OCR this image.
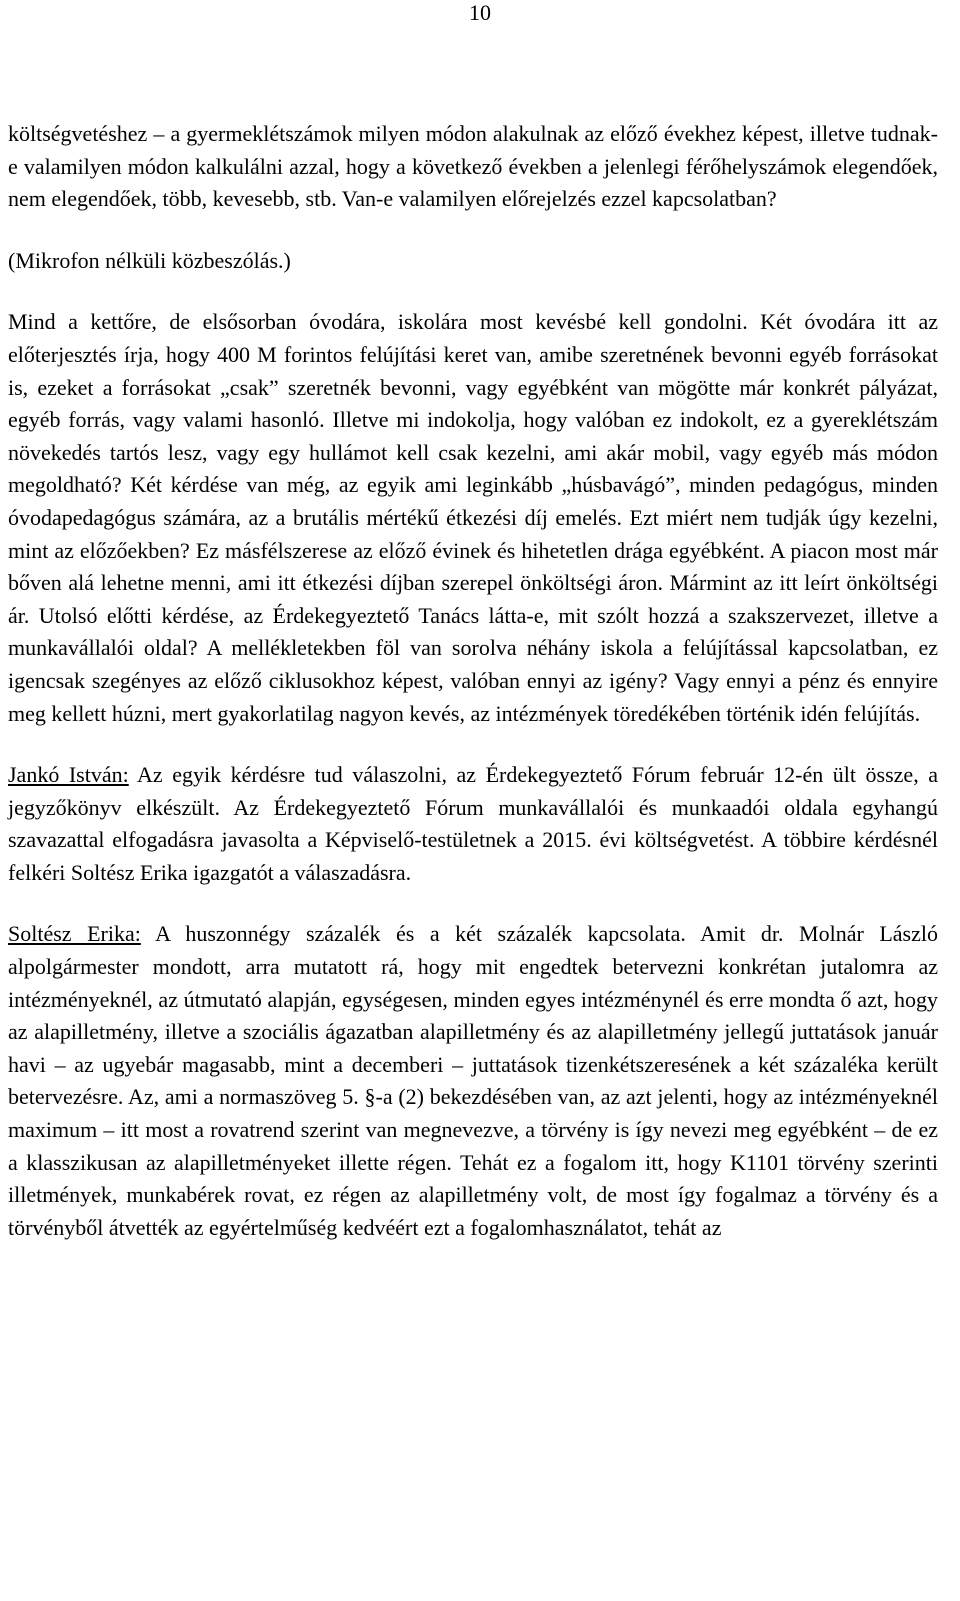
10

költségvetéshez – a gyermeklétszámok milyen módon alakulnak az előző évekhez képest, illetve tudnak-e valamilyen módon kalkulálni azzal, hogy a következő években a jelenlegi férőhelyszámok elegendőek, nem elegendőek, több, kevesebb, stb. Van-e valamilyen előrejelzés ezzel kapcsolatban?

(Mikrofon nélküli közbeszólás.)

Mind a kettőre, de elsősorban óvodára, iskolára most kevésbé kell gondolni. Két óvodára itt az előterjesztés írja, hogy 400 M forintos felújítási keret van, amibe szeretnének bevonni egyéb forrásokat is, ezeket a forrásokat „csak” szeretnék bevonni, vagy egyébként van mögötte már konkrét pályázat, egyéb forrás, vagy valami hasonló. Illetve mi indokolja, hogy valóban ez indokolt, ez a gyereklétszám növekedés tartós lesz, vagy egy hullámot kell csak kezelni, ami akár mobil, vagy egyéb más módon megoldható? Két kérdése van még, az egyik ami leginkább „húsbavágó”, minden pedagógus, minden óvodapedagógus számára, az a brutális mértékű étkezési díj emelés. Ezt miért nem tudják úgy kezelni, mint az előzőekben? Ez másfélszerese az előző évinek és hihetetlen drága egyébként. A piacon most már bőven alá lehetne menni, ami itt étkezési díjban szerepel önköltségi áron. Mármint az itt leírt önköltségi ár. Utolsó előtti kérdése, az Érdekegyeztető Tanács látta-e, mit szólt hozzá a szakszervezet, illetve a munkavállalói oldal? A mellékletekben föl van sorolva néhány iskola a felújítással kapcsolatban, ez igencsak szegényes az előző ciklusokhoz képest, valóban ennyi az igény? Vagy ennyi a pénz és ennyire meg kellett húzni, mert gyakorlatilag nagyon kevés, az intézmények töredékében történik idén felújítás.

Jankó István: Az egyik kérdésre tud válaszolni, az Érdekegyeztető Fórum február 12-én ült össze, a jegyzőkönyv elkészült. Az Érdekegyeztető Fórum munkavállalói és munkaadói oldala egyhangú szavazattal elfogadásra javasolta a Képviselő-testületnek a 2015. évi költségvetést. A többire kérdésnél felkéri Soltész Erika igazgatót a válaszadásra.

Soltész Erika: A huszonnégy százalék és a két százalék kapcsolata. Amit dr. Molnár László alpolgármester mondott, arra mutatott rá, hogy mit engedtek betervezni konkrétan jutalomra az intézményeknél, az útmutató alapján, egységesen, minden egyes intézménynél és erre mondta ő azt, hogy az alapilletmény, illetve a szociális ágazatban alapilletmény és az alapilletmény jellegű juttatások január havi – az ugyebár magasabb, mint a decemberi – juttatások tizenkétszeresének a két százaléka került betervezésre. Az, ami a normaszöveg 5. §-a (2) bekezdésében van, az azt jelenti, hogy az intézményeknél maximum – itt most a rovatrend szerint van megnevezve, a törvény is így nevezi meg egyébként – de ez a klasszikusan az alapilletményeket illette régen. Tehát ez a fogalom itt, hogy K1101 törvény szerinti illetmények, munkabérek rovat, ez régen az alapilletmény volt, de most így fogalmaz a törvény és a törvényből átvették az egyértelműség kedvéért ezt a fogalomhasználatot, tehát az
